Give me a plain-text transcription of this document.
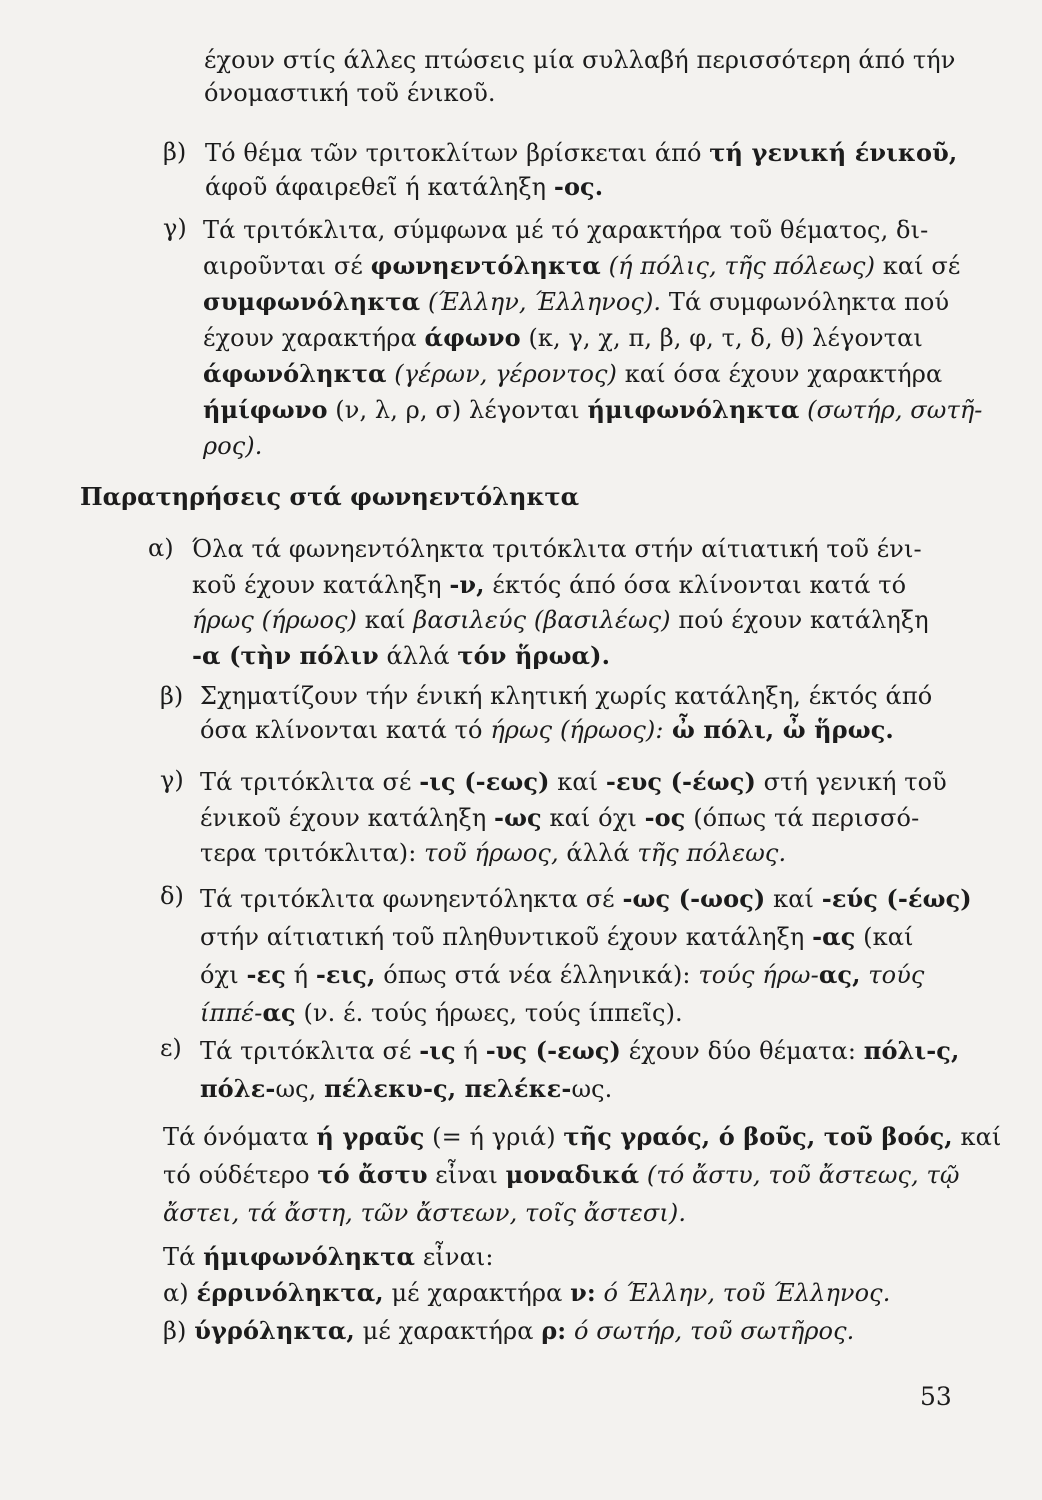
έχουν στίς άλλες πτώσεις μία συλλαβή περισσότερη άπό τήν

όνομαστική τοῦ ένικοῦ.

β) Τό θέμα τῶν τριτοκλίτων βρίσκεται άπό τή γενική ένικοῦ,

άφοῦ άφαιρεθεῖ ή κατάληξη -ος.

γ) Τά τριτόκλιτα, σύμφωνα μέ τό χαρακτήρα τοῦ θέματος, δι-

αιροῦνται σέ φωνηεντόληκτα (ή πόλις, τῆς πόλεως) καί σέ

συμφωνόληκτα (Έλλην, Έλληνος). Τά συμφωνόληκτα πού

έχουν χαρακτήρα άφωνο (κ, γ, χ, π, β, φ, τ, δ, θ) λέγονται

άφωνόληκτα (γέρων, γέροντος) καί όσα έχουν χαρακτήρα

ήμίφωνο (ν, λ, ρ, σ) λέγονται ήμιφωνόληκτα (σωτήρ, σωτῆ-

ρος).

Παρατηρήσεις στά φωνηεντόληκτα
α) Όλα τά φωνηεντόληκτα τριτόκλιτα στήν αίτιατική τοῦ ένι-

κοῦ έχουν κατάληξη -ν, έκτός άπό όσα κλίνονται κατά τό

ήρως (ήρωος) καί βασιλεύς (βασιλέως) πού έχουν κατάληξη

-α (τὴν πόλιν άλλά τόν ἥρωα).

β) Σχηματίζουν τήν ένική κλητική χωρίς κατάληξη, έκτός άπό

όσα κλίνονται κατά τό ήρως (ήρωος): ὦ πόλι, ὦ ἥρως.

γ) Τά τριτόκλιτα σέ -ις (-εως) καί -ευς (-έως) στή γενική τοῦ

ένικοῦ έχουν κατάληξη -ως καί όχι -ος (όπως τά περισσό-

τερα τριτόκλιτα): τοῦ ήρωος, άλλά τῆς πόλεως.

δ) Τά τριτόκλιτα φωνηεντόληκτα σέ -ως (-ωος) καί -εύς (-έως)

στήν αίτιατική τοῦ πληθυντικοῦ έχουν κατάληξη -ας (καί

όχι -ες ή -εις, όπως στά νέα έλληνικά): τούς ήρω-ας, τούς

ίππέ-ας (ν. έ. τούς ήρωες, τούς ίππεῖς).

ε) Τά τριτόκλιτα σέ -ις ή -υς (-εως) έχουν δύο θέματα: πόλι-ς,

πόλε-ως, πέλεκυ-ς, πελέκε-ως.

Τά όνόματα ή γραῦς (= ή γριά) τῆς γραός, ό βοῦς, τοῦ βοός, καί

τό ούδέτερο τό ἄστυ εἶναι μοναδικά (τό ἄστυ, τοῦ ἄστεως, τῷ

ἄστει, τά ἄστη, τῶν ἄστεων, τοῖς ἄστεσι).

Τά ήμιφωνόληκτα εἶναι:

α) έρρινόληκτα, μέ χαρακτήρα ν: ό Έλλην, τοῦ Έλληνος.

β) ύγρόληκτα, μέ χαρακτήρα ρ: ό σωτήρ, τοῦ σωτῆρος.

53
